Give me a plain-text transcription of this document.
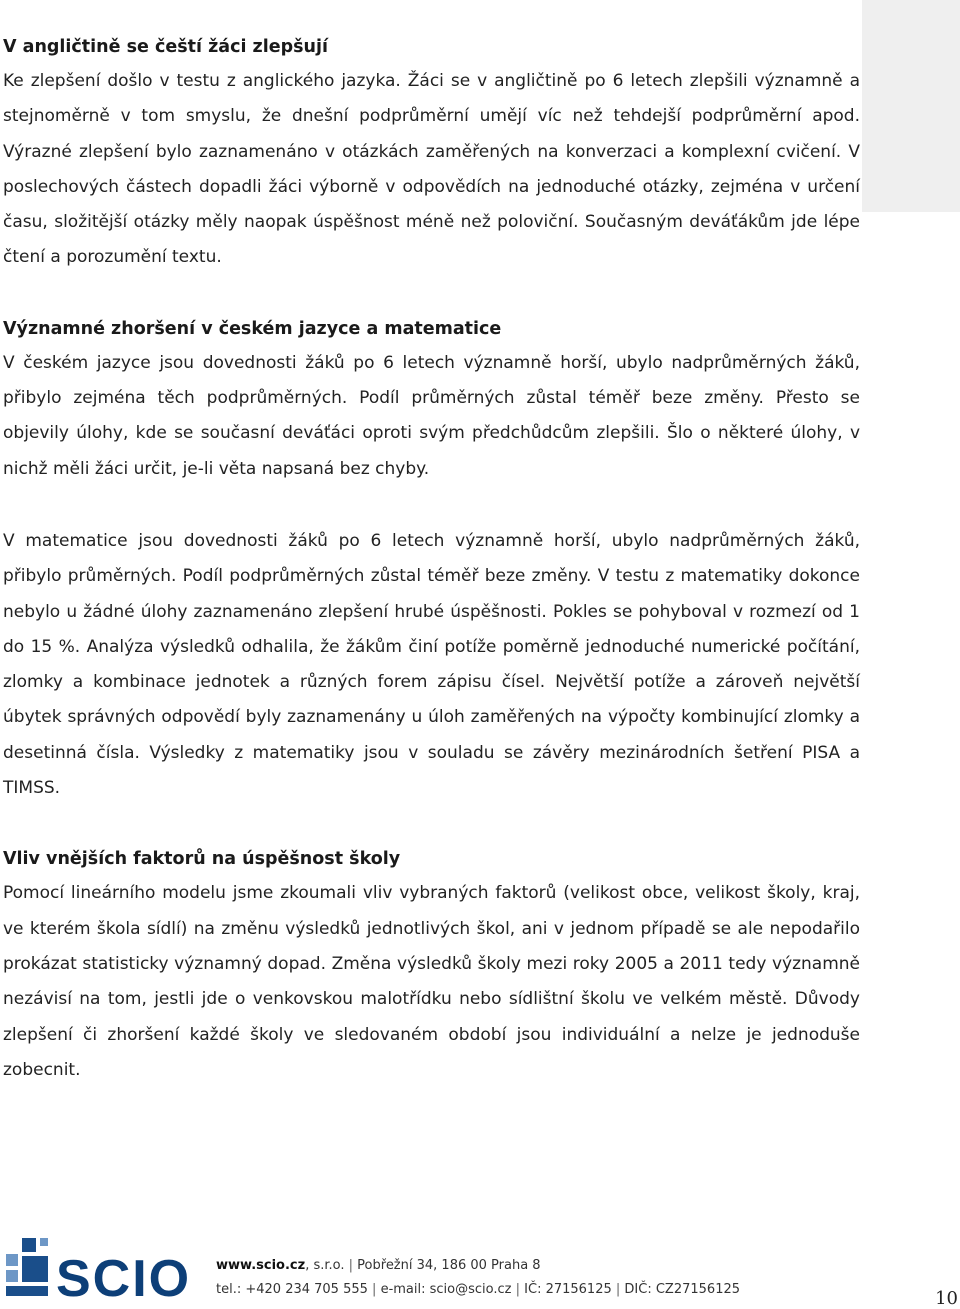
V angličtině se čeští žáci zlepšují

Ke zlepšení došlo v testu z anglického jazyka. Žáci se v angličtině po 6 letech zlepšili významně a stejnoměrně v tom smyslu, že dnešní podprůměrní umějí víc než tehdejší podprůměrní apod. Výrazné zlepšení bylo zaznamenáno v otázkách zaměřených na konverzaci a komplexní cvičení. V poslechových částech dopadli žáci výborně v odpovědích na jednoduché otázky, zejména v určení času, složitější otázky měly naopak úspěšnost méně než poloviční. Současným deváťákům jde lépe čtení a porozumění textu.

Významné zhoršení v českém jazyce a matematice

V českém jazyce jsou dovednosti žáků po 6 letech významně horší, ubylo nadprůměrných žáků, přibylo zejména těch podprůměrných. Podíl průměrných zůstal téměř beze změny. Přesto se objevily úlohy, kde se současní deváťáci oproti svým předchůdcům zlepšili. Šlo o některé úlohy, v nichž měli žáci určit, je-li věta napsaná bez chyby.

V matematice jsou dovednosti žáků po 6 letech významně horší, ubylo nadprůměrných žáků, přibylo průměrných. Podíl podprůměrných zůstal téměř beze změny. V testu z matematiky dokonce nebylo u žádné úlohy zaznamenáno zlepšení hrubé úspěšnosti. Pokles se pohyboval v rozmezí od 1 do 15 %. Analýza výsledků odhalila, že žákům činí potíže poměrně jednoduché numerické počítání, zlomky a kombinace jednotek a různých forem zápisu čísel. Největší potíže a zároveň největší úbytek správných odpovědí byly zaznamenány u úloh zaměřených na výpočty kombinující zlomky a desetinná čísla. Výsledky z matematiky jsou v souladu se závěry mezinárodních šetření PISA a TIMSS.

Vliv vnějších faktorů na úspěšnost školy

Pomocí lineárního modelu jsme zkoumali vliv vybraných faktorů (velikost obce, velikost školy, kraj, ve kterém škola sídlí) na změnu výsledků jednotlivých škol, ani v jednom případě se ale nepodařilo prokázat statisticky významný dopad. Změna výsledků školy mezi roky 2005 a 2011 tedy významně nezávisí na tom, jestli jde o venkovskou malotřídku nebo sídlištní školu ve velkém městě. Důvody zlepšení či zhoršení každé školy ve sledovaném období jsou individuální a nelze je jednoduše zobecnit.

SCIO www.scio.cz, s.r.o. | Pobřežní 34, 186 00 Praha 8
tel.: +420 234 705 555 | e-mail: scio@scio.cz | IČ: 27156125 | DIČ: CZ27156125	10
